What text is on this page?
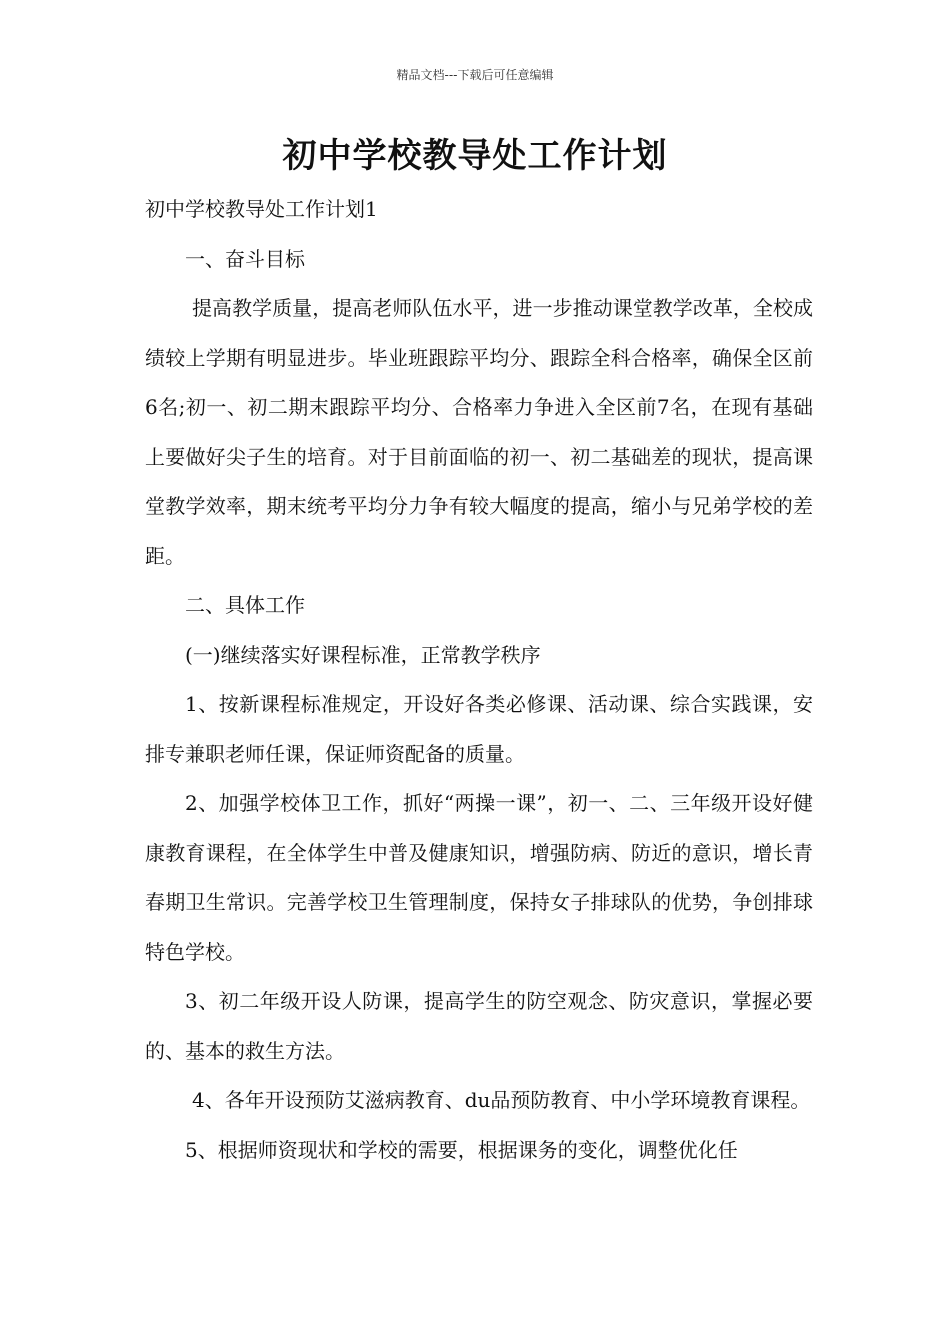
精品文档---下载后可任意编辑
初中学校教导处工作计划

初中学校教导处工作计划1

一、奋斗目标

提高教学质量，提高老师队伍水平，进一步推动课堂教学改革，全校成绩较上学期有明显进步。毕业班跟踪平均分、跟踪全科合格率，确保全区前6名;初一、初二期末跟踪平均分、合格率力争进入全区前7名，在现有基础上要做好尖子生的培育。对于目前面临的初一、初二基础差的现状，提高课堂教学效率，期末统考平均分力争有较大幅度的提高，缩小与兄弟学校的差距。

二、具体工作

(一)继续落实好课程标准，正常教学秩序

1、按新课程标准规定，开设好各类必修课、活动课、综合实践课，安排专兼职老师任课，保证师资配备的质量。

2、加强学校体卫工作，抓好“两操一课”，初一、二、三年级开设好健康教育课程，在全体学生中普及健康知识，增强防病、防近的意识，增长青春期卫生常识。完善学校卫生管理制度，保持女子排球队的优势，争创排球特色学校。

3、初二年级开设人防课，提高学生的防空观念、防灾意识，掌握必要的、基本的救生方法。

4、各年开设预防艾滋病教育、du品预防教育、中小学环境教育课程。

5、根据师资现状和学校的需要，根据课务的变化，调整优化任
